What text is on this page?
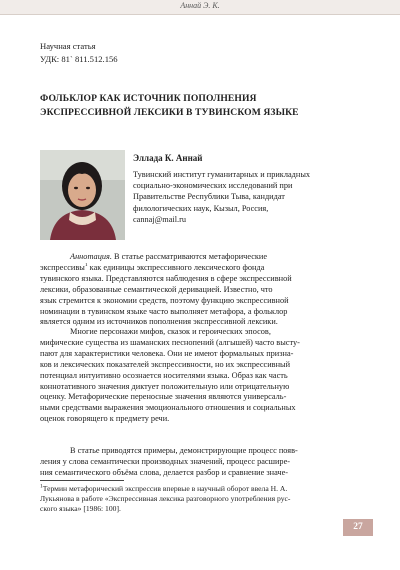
Аннай Э. К.
Научная статья
УДК: 81` 811.512.156
ФОЛЬКЛОР КАК ИСТОЧНИК ПОПОЛНЕНИЯ
ЭКСПРЕССИВНОЙ ЛЕКСИКИ В ТУВИНСКОМ ЯЗЫКЕ
Эллада К. Аннай
Тувинский институт гуманитарных и прикладных
социально-экономических исследований при
Правительстве Республики Тыва, кандидат
филологических наук, Кызыл, Россия,
cannaj@mail.ru
Аннотация. В статье рассматриваются метафорические
экспрессивы$^1$ как единицы экспрессивного лексического фонда
тувинского языка. Представляются наблюдения в сфере экспрессивной
лексики, образованные семантической деривацией. Известно, что
язык стремится к экономии средств, поэтому функцию экспрессивной
номинации в тувинском языке часто выполняет метафора, а фольклор
является одним из источников пополнения экспрессивной лексики.
Многие персонажи мифов, сказок и героических эпосов,
мифические существа из шаманских песнопений (алгышей) часто высту-
пают для характеристики человека. Они не имеют формальных призна-
ков и лексических показателей экспрессивности, но их экспрессивный
потенциал интуитивно осознается носителями языка. Образ как часть
коннотативного значения диктует положительную или отрицательную
оценку. Метафорические переносные значения являются универсаль-
ными средствами выражения эмоционального отношения и социальных
оценок говорящего к предмету речи.
В статье приводятся примеры, демонстрирующие процесс появ-
ления у слова семантически производных значений, процесс расшире-
ния семантического объёма слова, делается разбор и сравнение значе-
$^1$Термин метафорический экспрессив впервые в научный оборот ввела Н. А.
Лукьянова в работе «Экспрессивная лексика разговорного употребления рус-
ского языка» [1986: 100].
27
